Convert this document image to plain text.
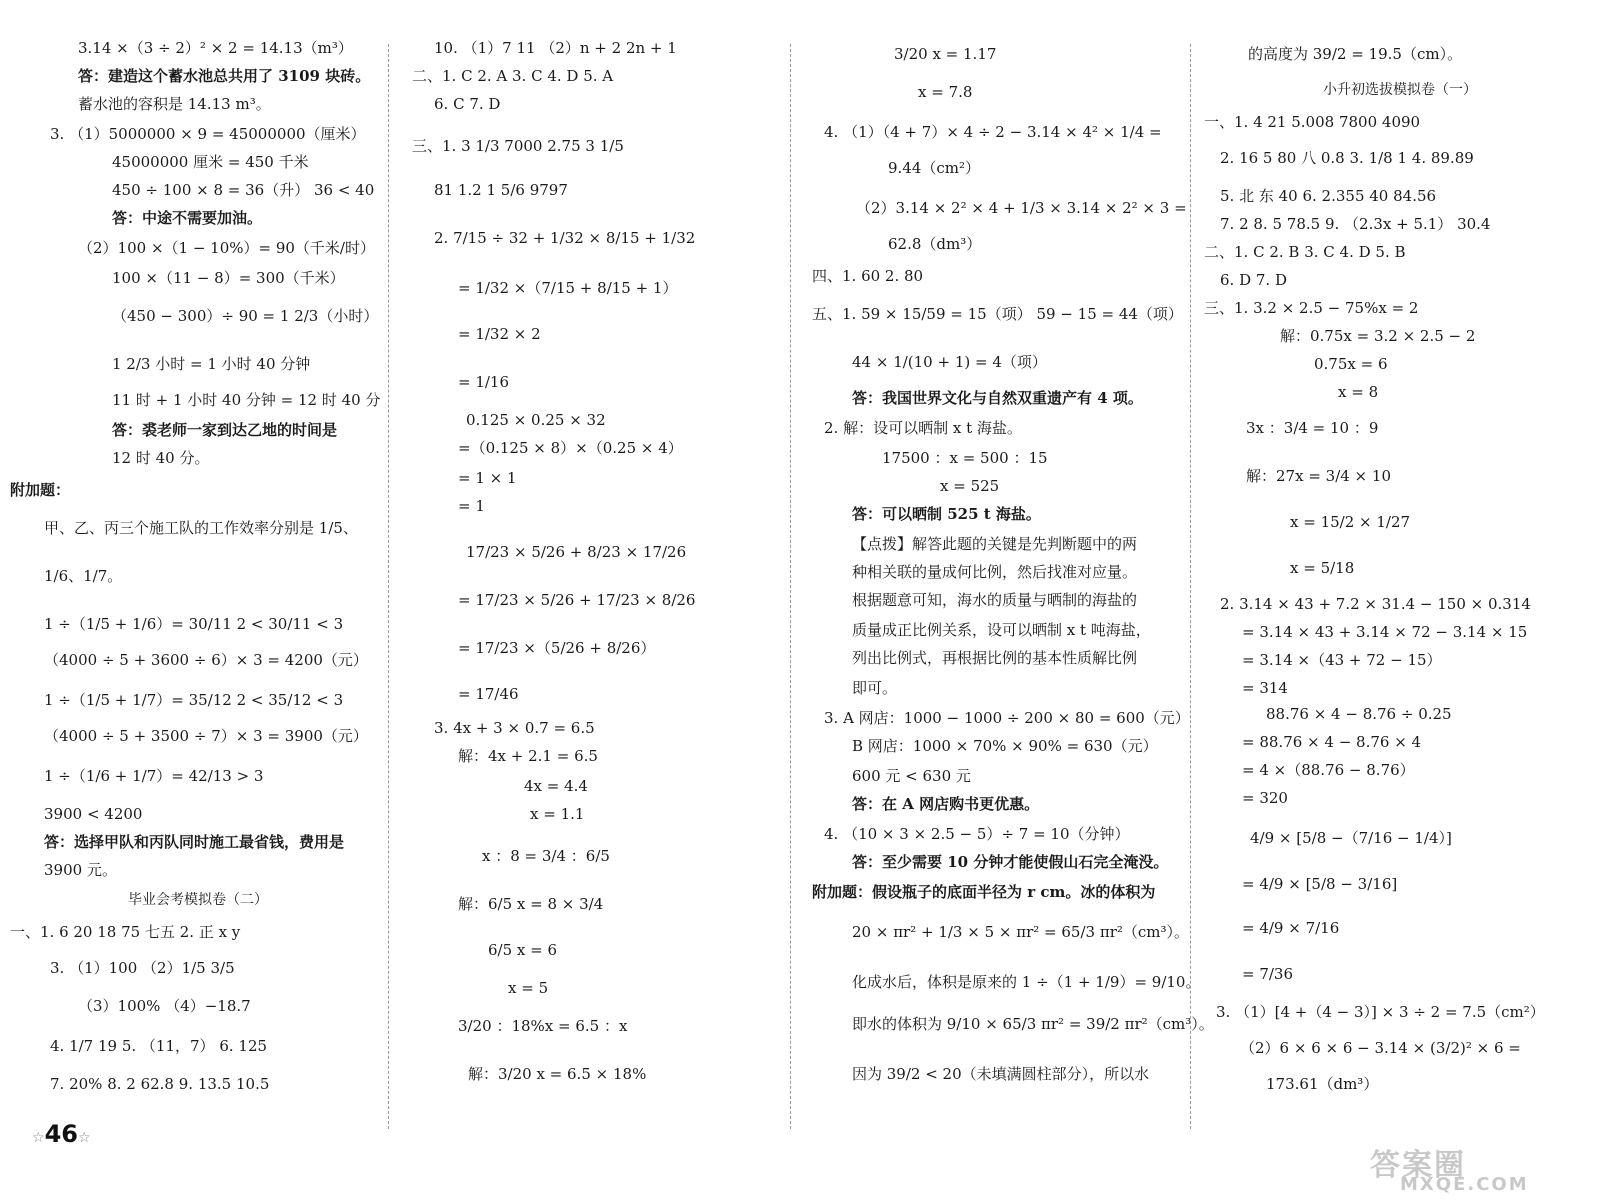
3.14 ×（3 ÷ 2）² × 2 = 14.13（m³）
答：建造这个蓄水池总共用了 3109 块砖。
蓄水池的容积是 14.13 m³。
3. （1）5000000 × 9 = 45000000（厘米）
45000000 厘米 = 450 千米
450 ÷ 100 × 8 = 36（升） 36 < 40
答：中途不需要加油。
（2）100 ×（1 − 10%）= 90（千米/时）
100 ×（11 − 8）= 300（千米）
（450 − 300）÷ 90 = 1 2/3（小时）
1 2/3 小时 = 1 小时 40 分钟
11 时 + 1 小时 40 分钟 = 12 时 40 分
答：裘老师一家到达乙地的时间是
12 时 40 分。
附加题：
甲、乙、丙三个施工队的工作效率分别是 1/5、
1/6、1/7。
1 ÷（1/5 + 1/6）= 30/11 2 < 30/11 < 3
（4000 ÷ 5 + 3600 ÷ 6）× 3 = 4200（元）
1 ÷（1/5 + 1/7）= 35/12 2 < 35/12 < 3
（4000 ÷ 5 + 3500 ÷ 7）× 3 = 3900（元）
1 ÷（1/6 + 1/7）= 42/13 > 3
3900 < 4200
答：选择甲队和丙队同时施工最省钱，费用是
3900 元。
毕业会考模拟卷（二）
一、1. 6 20 18 75 七五 2. 正 x y
3. （1）100 （2）1/5 3/5
（3）100% （4）−18.7
4. 1/7 19 5. （11，7） 6. 125
7. 20% 8. 2 62.8 9. 13.5 10.5
10. （1）7 11 （2）n + 2 2n + 1
二、1. C 2. A 3. C 4. D 5. A
6. C 7. D
三、1. 3 1/3 7000 2.75 3 1/5
81 1.2 1 5/6 9797
2. 7/15 ÷ 32 + 1/32 × 8/15 + 1/32
= 1/32 ×（7/15 + 8/15 + 1）
= 1/32 × 2
= 1/16
0.125 × 0.25 × 32
=（0.125 × 8）×（0.25 × 4）
= 1 × 1
= 1
17/23 × 5/26 + 8/23 × 17/26
= 17/23 × 5/26 + 17/23 × 8/26
= 17/23 ×（5/26 + 8/26）
= 17/46
3. 4x + 3 × 0.7 = 6.5
解：4x + 2.1 = 6.5
4x = 4.4
x = 1.1
x ：8 = 3/4 ：6/5
解：6/5 x = 8 × 3/4
6/5 x = 6
x = 5
3/20 ：18%x = 6.5 ：x
解：3/20 x = 6.5 × 18%
3/20 x = 1.17
x = 7.8
4. （1）（4 + 7）× 4 ÷ 2 − 3.14 × 4² × 1/4 =
9.44（cm²）
（2）3.14 × 2² × 4 + 1/3 × 3.14 × 2² × 3 =
62.8（dm³）
四、1. 60 2. 80
五、1. 59 × 15/59 = 15（项） 59 − 15 = 44（项）
44 × 1/(10 + 1) = 4（项）
答：我国世界文化与自然双重遗产有 4 项。
2. 解：设可以晒制 x t 海盐。
17500 ：x = 500 ：15
x = 525
答：可以晒制 525 t 海盐。
【点拨】解答此题的关键是先判断题中的两
种相关联的量成何比例，然后找准对应量。
根据题意可知，海水的质量与晒制的海盐的
质量成正比例关系，设可以晒制 x t 吨海盐，
列出比例式，再根据比例的基本性质解比例
即可。
3. A 网店：1000 − 1000 ÷ 200 × 80 = 600（元）
B 网店：1000 × 70% × 90% = 630（元）
600 元 < 630 元
答：在 A 网店购书更优惠。
4. （10 × 3 × 2.5 − 5）÷ 7 = 10（分钟）
答：至少需要 10 分钟才能使假山石完全淹没。
附加题：假设瓶子的底面半径为 r cm。冰的体积为
20 × πr² + 1/3 × 5 × πr² = 65/3 πr²（cm³）。
化成水后，体积是原来的 1 ÷（1 + 1/9）= 9/10。
即水的体积为 9/10 × 65/3 πr² = 39/2 πr²（cm³）。
因为 39/2 < 20（未填满圆柱部分），所以水
的高度为 39/2 = 19.5（cm）。
小升初选拔模拟卷（一）
一、1. 4 21 5.008 7800 4090
2. 16 5 80 八 0.8 3. 1/8 1 4. 89.89
5. 北 东 40 6. 2.355 40 84.56
7. 2 8. 5 78.5 9. （2.3x + 5.1） 30.4
二、1. C 2. B 3. C 4. D 5. B
6. D 7. D
三、1. 3.2 × 2.5 − 75%x = 2
解：0.75x = 3.2 × 2.5 − 2
0.75x = 6
x = 8
3x ：3/4 = 10 ：9
解：27x = 3/4 × 10
x = 15/2 × 1/27
x = 5/18
2. 3.14 × 43 + 7.2 × 31.4 − 150 × 0.314
= 3.14 × 43 + 3.14 × 72 − 3.14 × 15
= 3.14 ×（43 + 72 − 15）
= 314
88.76 × 4 − 8.76 ÷ 0.25
= 88.76 × 4 − 8.76 × 4
= 4 ×（88.76 − 8.76）
= 320
4/9 × [5/8 −（7/16 − 1/4）]
= 4/9 × [5/8 − 3/16]
= 4/9 × 7/16
= 7/36
3. （1）[4 +（4 − 3）] × 3 ÷ 2 = 7.5（cm²）
（2）6 × 6 × 6 − 3.14 × (3/2)² × 6 =
173.61（dm³）
☆46☆
答案圈
MXQE.COM
